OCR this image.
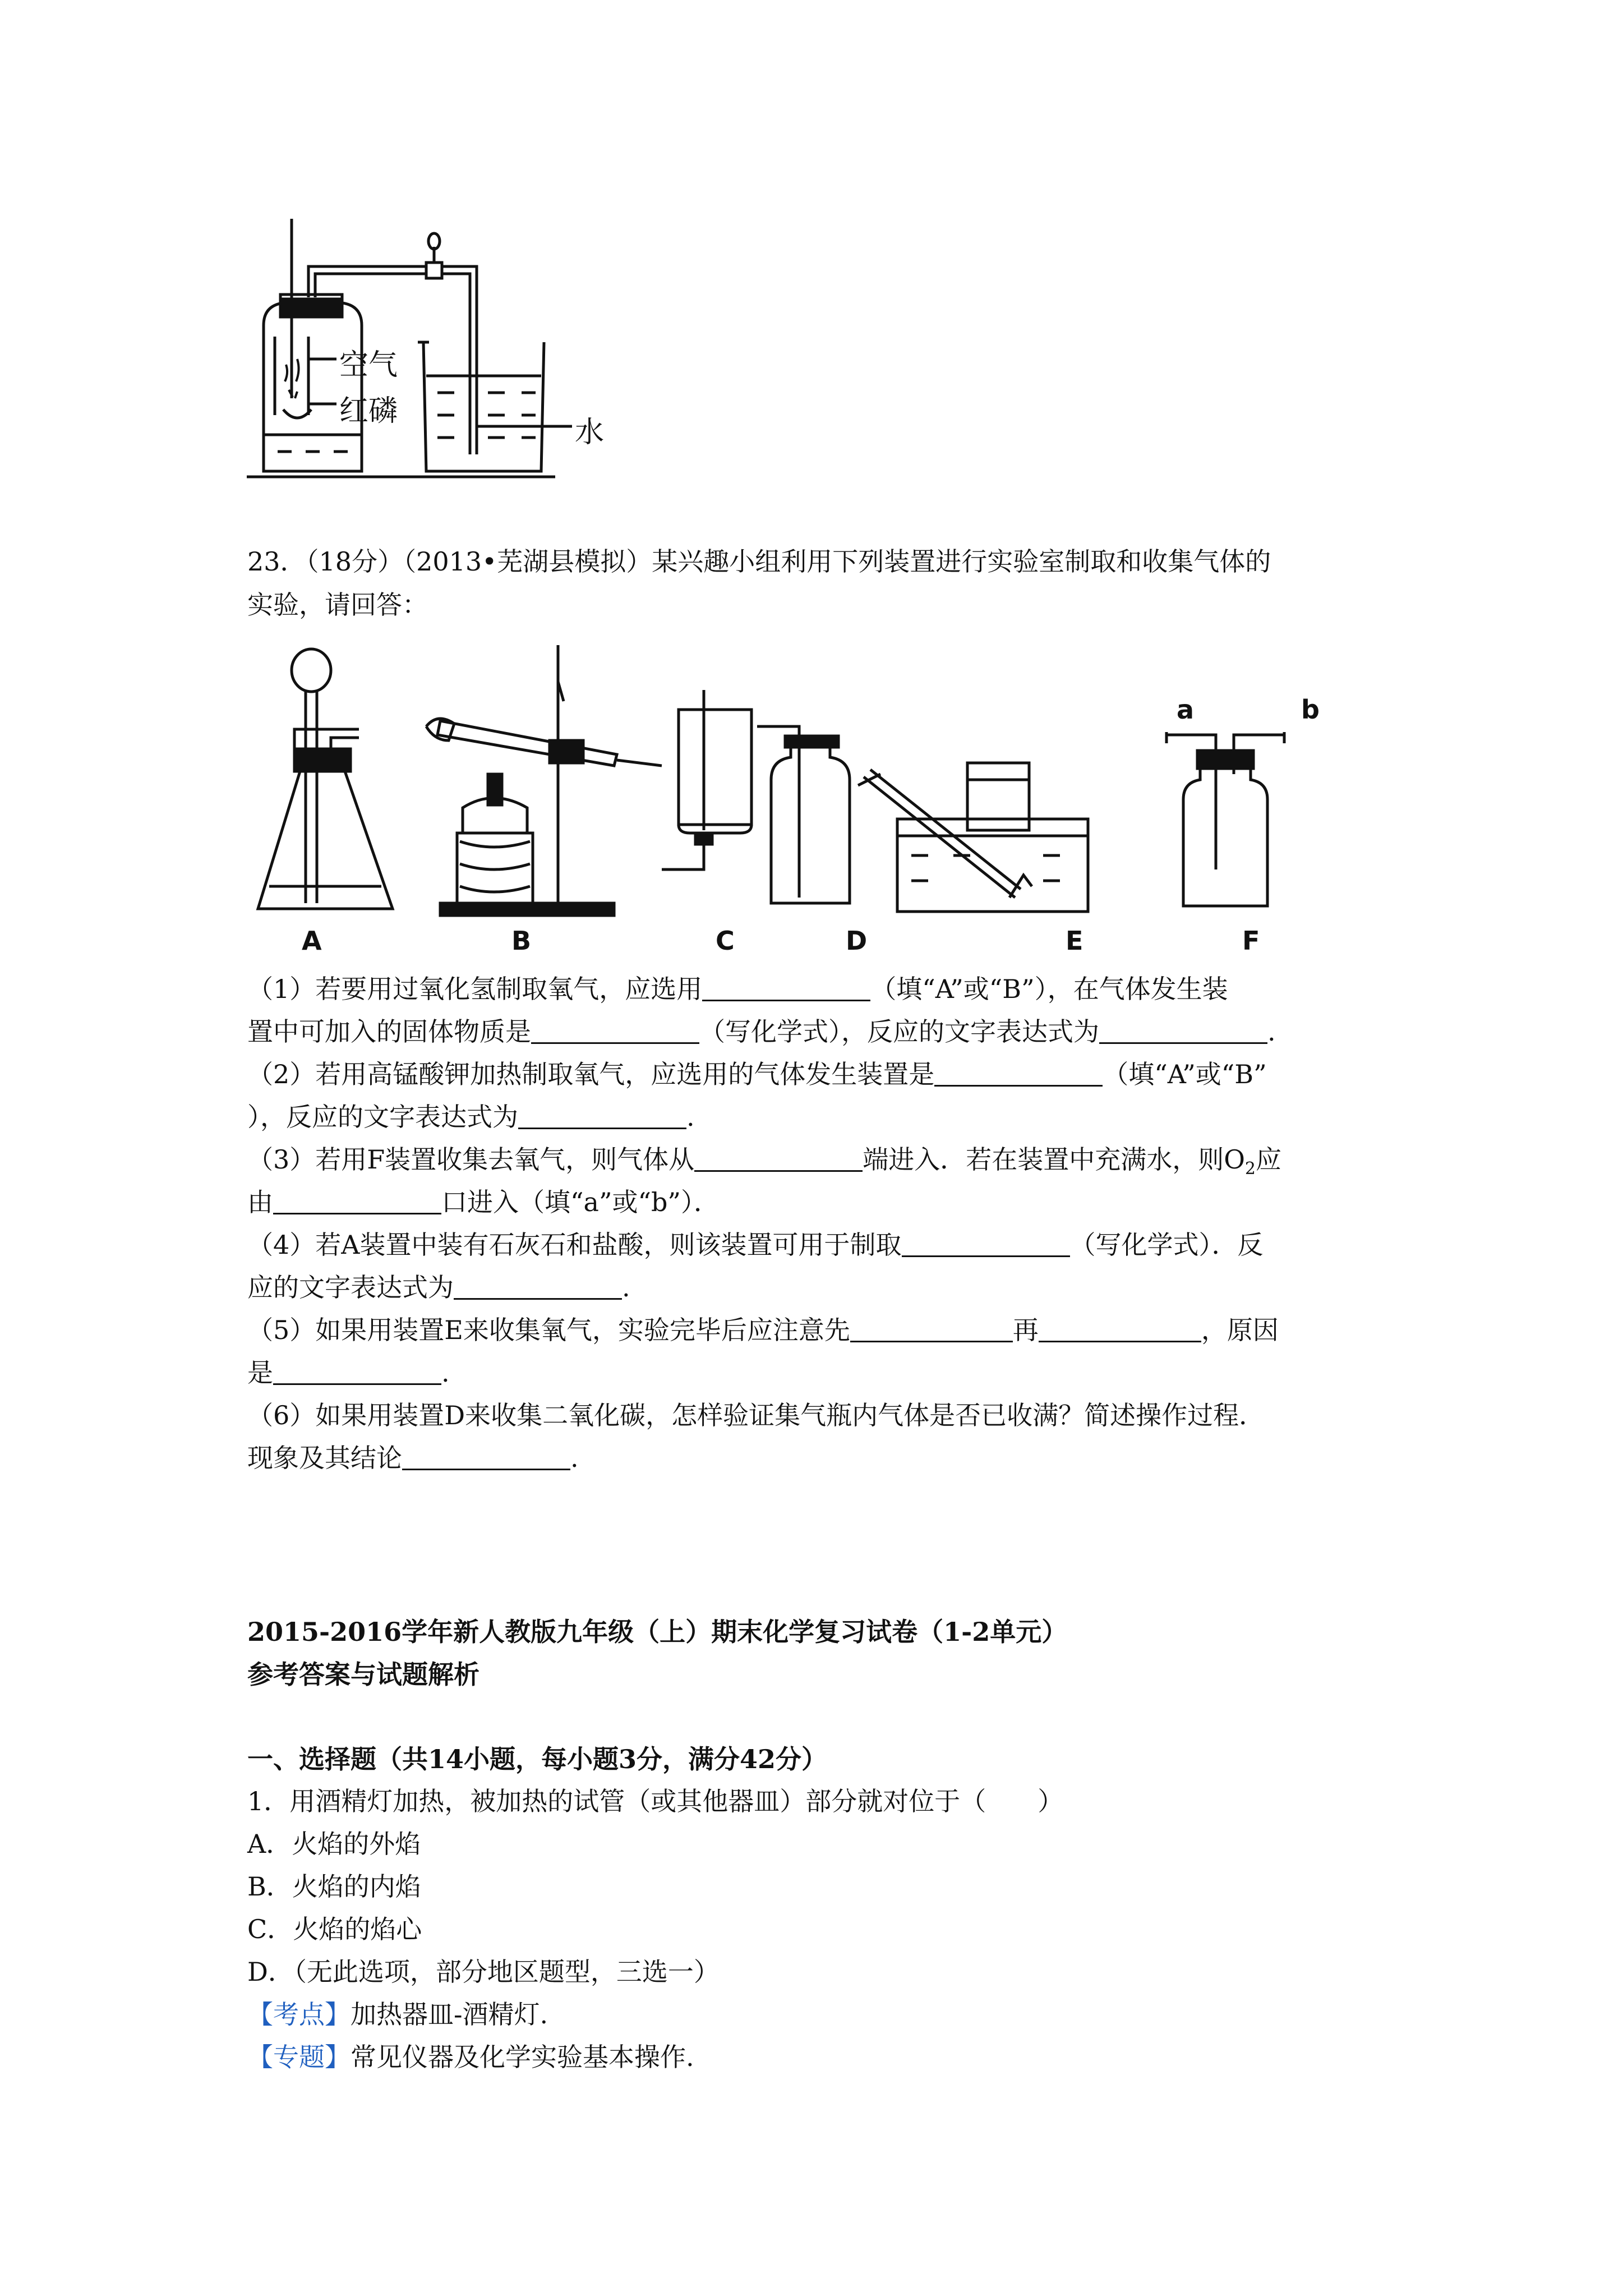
空气
红磷
水
23．（18分）（2013•芜湖县模拟）某兴趣小组利用下列装置进行实验室制取和收集气体的
实验，请回答：
a	b
A	B	C	D	E	F
（1）若要用过氧化氢制取氧气，应选用	（填“A”或“B”），在气体发生装
置中可加入的固体物质是	（写化学式），反应的文字表达式为	.
（2）若用高锰酸钾加热制取氧气，应选用的气体发生装置是	（填“A”或“B”
），反应的文字表达式为	.
（3）若用F装置收集去氧气，则气体从	端进入．若在装置中充满水，则$O_2$应
由	口进入（填“a”或“b”）．
（4）若A装置中装有石灰石和盐酸，则该装置可用于制取	（写化学式）．反
应的文字表达式为	.
（5）如果用装置E来收集氧气，实验完毕后应注意先	再	，原因
是	.
（6）如果用装置D来收集二氧化碳，怎样验证集气瓶内气体是否已收满？简述操作过程．
现象及其结论	.
2015-2016学年新人教版九年级（上）期末化学复习试卷（1-2单元）
参考答案与试题解析
一、选择题（共14小题，每小题3分，满分42分）
1．用酒精灯加热，被加热的试管（或其他器皿）部分就对位于（　　）
A．火焰的外焰
B．火焰的内焰
C．火焰的焰心
D．（无此选项，部分地区题型，三选一）
【考点】加热器皿-酒精灯.
【专题】常见仪器及化学实验基本操作.
